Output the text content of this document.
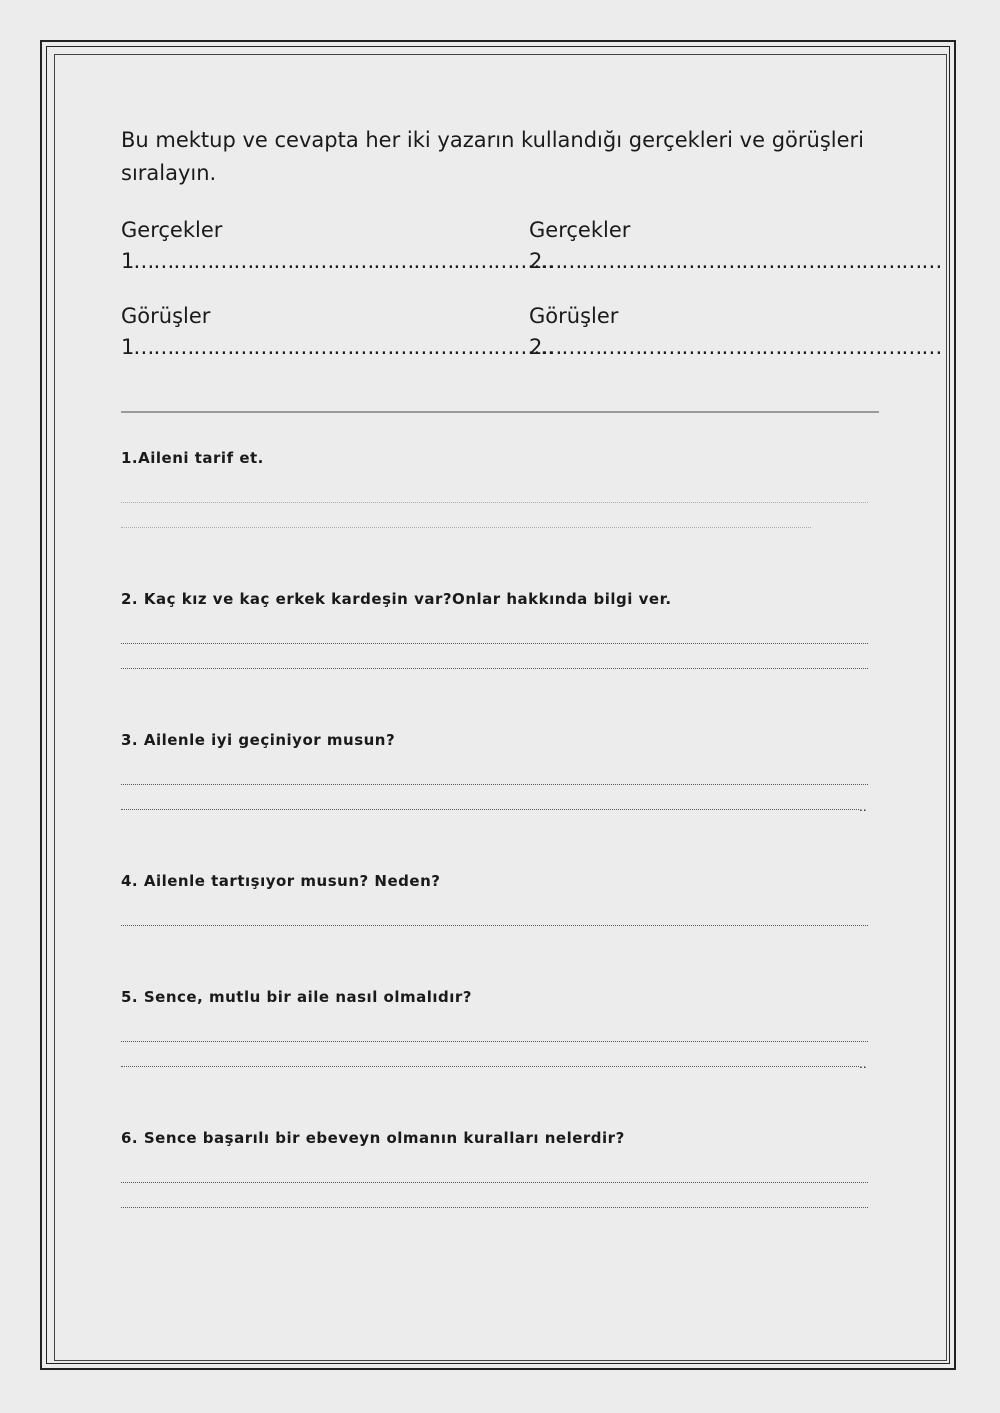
Bu mektup ve cevapta her iki yazarın kullandığı gerçekleri ve görüşleri sıralayın.

Gerçekler
1………………………………………………………
Gerçekler
2……………………………………………………
Görüşler
1………………………………………………………
Görüşler
2……………………………………………………
1.Aileni tarif et.
2. Kaç kız ve kaç erkek kardeşin var?Onlar hakkında bilgi ver.
3. Ailenle iyi geçiniyor musun?
..
4. Ailenle tartışıyor musun? Neden?
5. Sence, mutlu bir aile nasıl olmalıdır?
..
6. Sence başarılı bir ebeveyn olmanın kuralları nelerdir?
